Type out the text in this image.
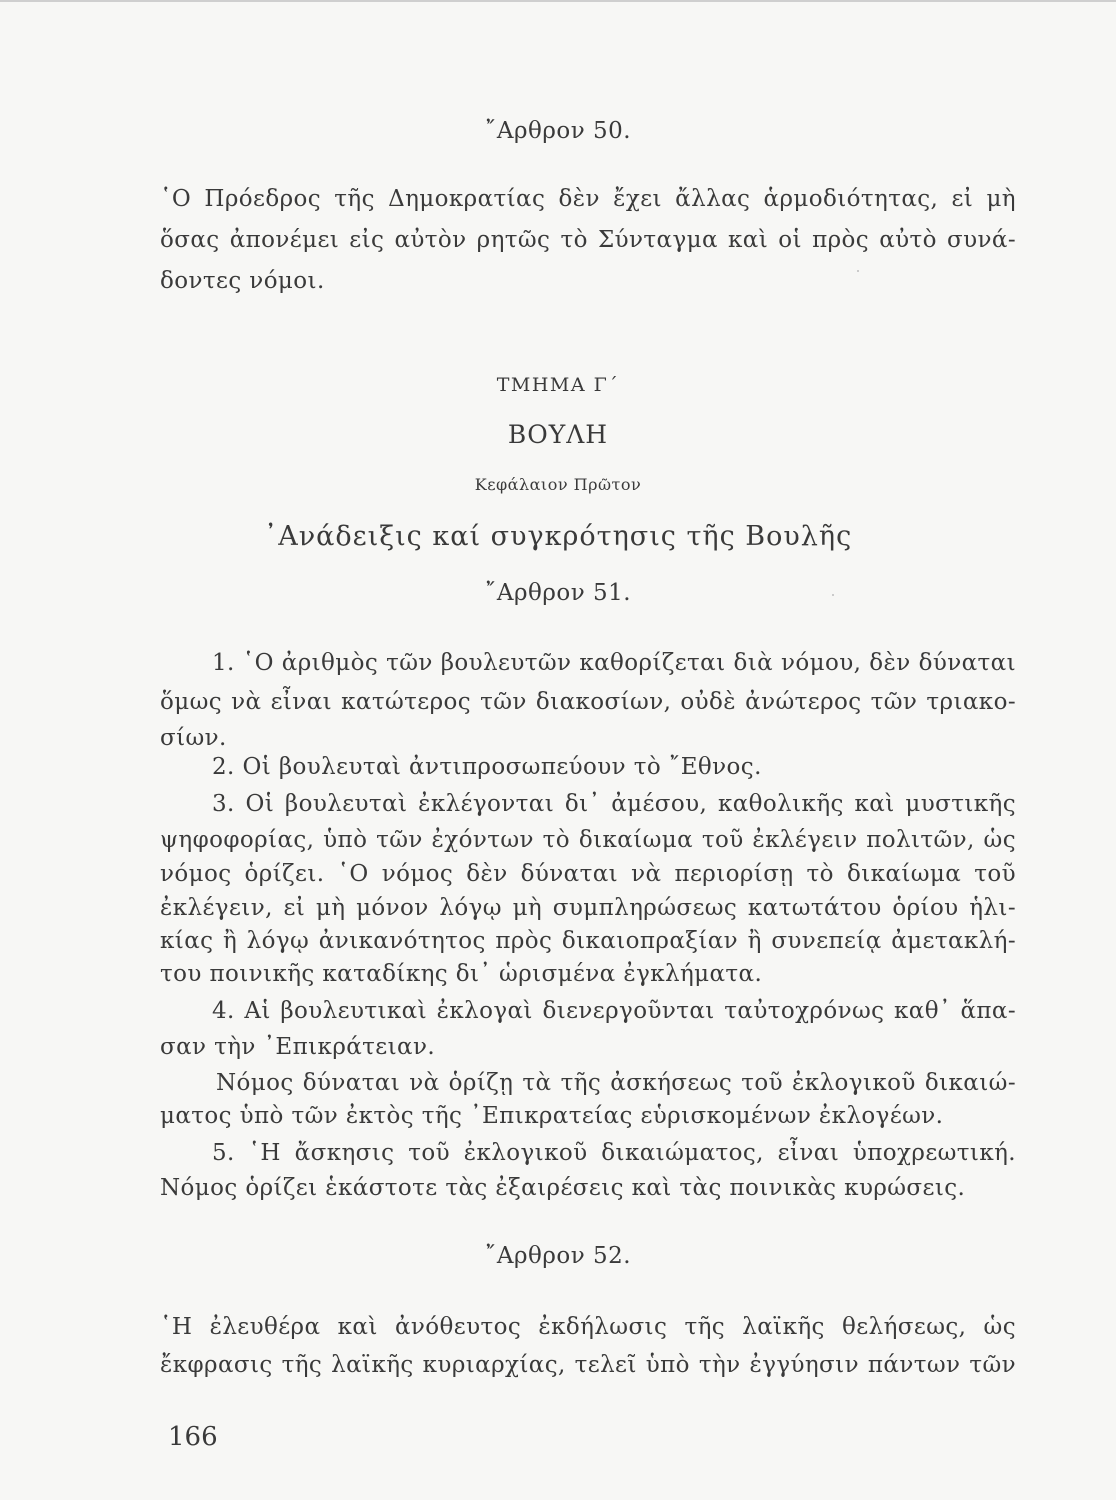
῎Αρθρον 50.
῾Ο Πρόεδρος τῆς Δημοκρατίας δὲν ἔχει ἄλλας ἁρμοδιότητας, εἰ μὴ
ὅσας ἀπονέμει εἰς αὐτὸν ρητῶς τὸ Σύνταγμα καὶ οἱ πρὸς αὐτὸ συνά-
δοντες νόμοι.
ΤΜΗΜΑ Γ΄
ΒΟΥΛΗ
Κεφάλαιον Πρῶτον
᾿Ανάδειξις καί συγκρότησις τῆς Βουλῆς
῎Αρθρον 51.
1. ῾Ο ἀριθμὸς τῶν βουλευτῶν καθορίζεται διὰ νόμου, δὲν δύναται
ὅμως νὰ εἶναι κατώτερος τῶν διακοσίων, οὐδὲ ἀνώτερος τῶν τριακο-
σίων.
2. Οἱ βουλευταὶ ἀντιπροσωπεύουν τὸ ῎Εθνος.
3. Οἱ βουλευταὶ ἐκλέγονται δι᾿ ἀμέσου, καθολικῆς καὶ μυστικῆς
ψηφοφορίας, ὑπὸ τῶν ἐχόντων τὸ δικαίωμα τοῦ ἐκλέγειν πολιτῶν, ὡς
νόμος ὁρίζει. ῾Ο νόμος δὲν δύναται νὰ περιορίσῃ τὸ δικαίωμα τοῦ
ἐκλέγειν, εἰ μὴ μόνον λόγῳ μὴ συμπληρώσεως κατωτάτου ὁρίου ἡλι-
κίας ἢ λόγῳ ἀνικανότητος πρὸς δικαιοπραξίαν ἢ συνεπείᾳ ἀμετακλή-
του ποινικῆς καταδίκης δι᾿ ὡρισμένα ἐγκλήματα.
4. Αἱ βουλευτικαὶ ἐκλογαὶ διενεργοῦνται ταὐτοχρόνως καθ᾿ ἅπα-
σαν τὴν ᾿Επικράτειαν.
Νόμος δύναται νὰ ὁρίζῃ τὰ τῆς ἀσκήσεως τοῦ ἐκλογικοῦ δικαιώ-
ματος ὑπὸ τῶν ἐκτὸς τῆς ᾿Επικρατείας εὑρισκομένων ἐκλογέων.
5. ῾Η ἄσκησις τοῦ ἐκλογικοῦ δικαιώματος, εἶναι ὑποχρεωτική.
Νόμος ὁρίζει ἑκάστοτε τὰς ἐξαιρέσεις καὶ τὰς ποινικὰς κυρώσεις.
῎Αρθρον 52.
῾Η ἐλευθέρα καὶ ἀνόθευτος ἐκδήλωσις τῆς λαϊκῆς θελήσεως, ὡς
ἔκφρασις τῆς λαϊκῆς κυριαρχίας, τελεῖ ὑπὸ τὴν ἐγγύησιν πάντων τῶν
166
